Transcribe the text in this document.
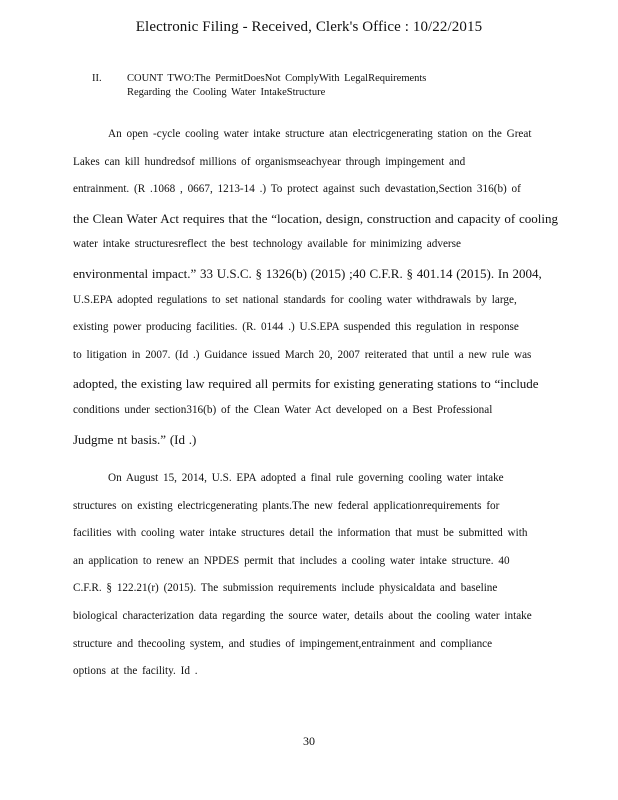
Electronic Filing - Received, Clerk's Office : 10/22/2015
II. COUNT TWO:The PermitDoesNot ComplyWith LegalRequirements
Regarding the Cooling Water IntakeStructure
An open -cycle cooling water intake structure atan electricgenerating station on the Great
Lakes can kill hundredsof millions of organismseachyear through impingement and
entrainment. (R .1068 , 0667, 1213-14 .) To protect against such devastation,Section 316(b) of
the Clean Water Act requires that the “location, design, construction and capacity of cooling
water intake structuresreflect the best technology available for minimizing adverse
environmental impact.” 33 U.S.C. § 1326(b) (2015) ;40 C.F.R. § 401.14 (2015). In 2004,
U.S.EPA adopted regulations to set national standards for cooling water withdrawals by large,
existing power producing facilities. (R. 0144 .) U.S.EPA suspended this regulation in response
to litigation in 2007. (Id .) Guidance issued March 20, 2007 reiterated that until a new rule was
adopted, the existing law required all permits for existing generating stations to “include
conditions under section316(b) of the Clean Water Act developed on a Best Professional
Judgme nt basis.” (Id .)
On August 15, 2014, U.S. EPA adopted a final rule governing cooling water intake
structures on existing electricgenerating plants.The new federal applicationrequirements for
facilities with cooling water intake structures detail the information that must be submitted with
an application to renew an NPDES permit that includes a cooling water intake structure. 40
C.F.R. § 122.21(r) (2015). The submission requirements include physicaldata and baseline
biological characterization data regarding the source water, details about the cooling water intake
structure and thecooling system, and studies of impingement,entrainment and compliance
options at the facility. Id .
30
